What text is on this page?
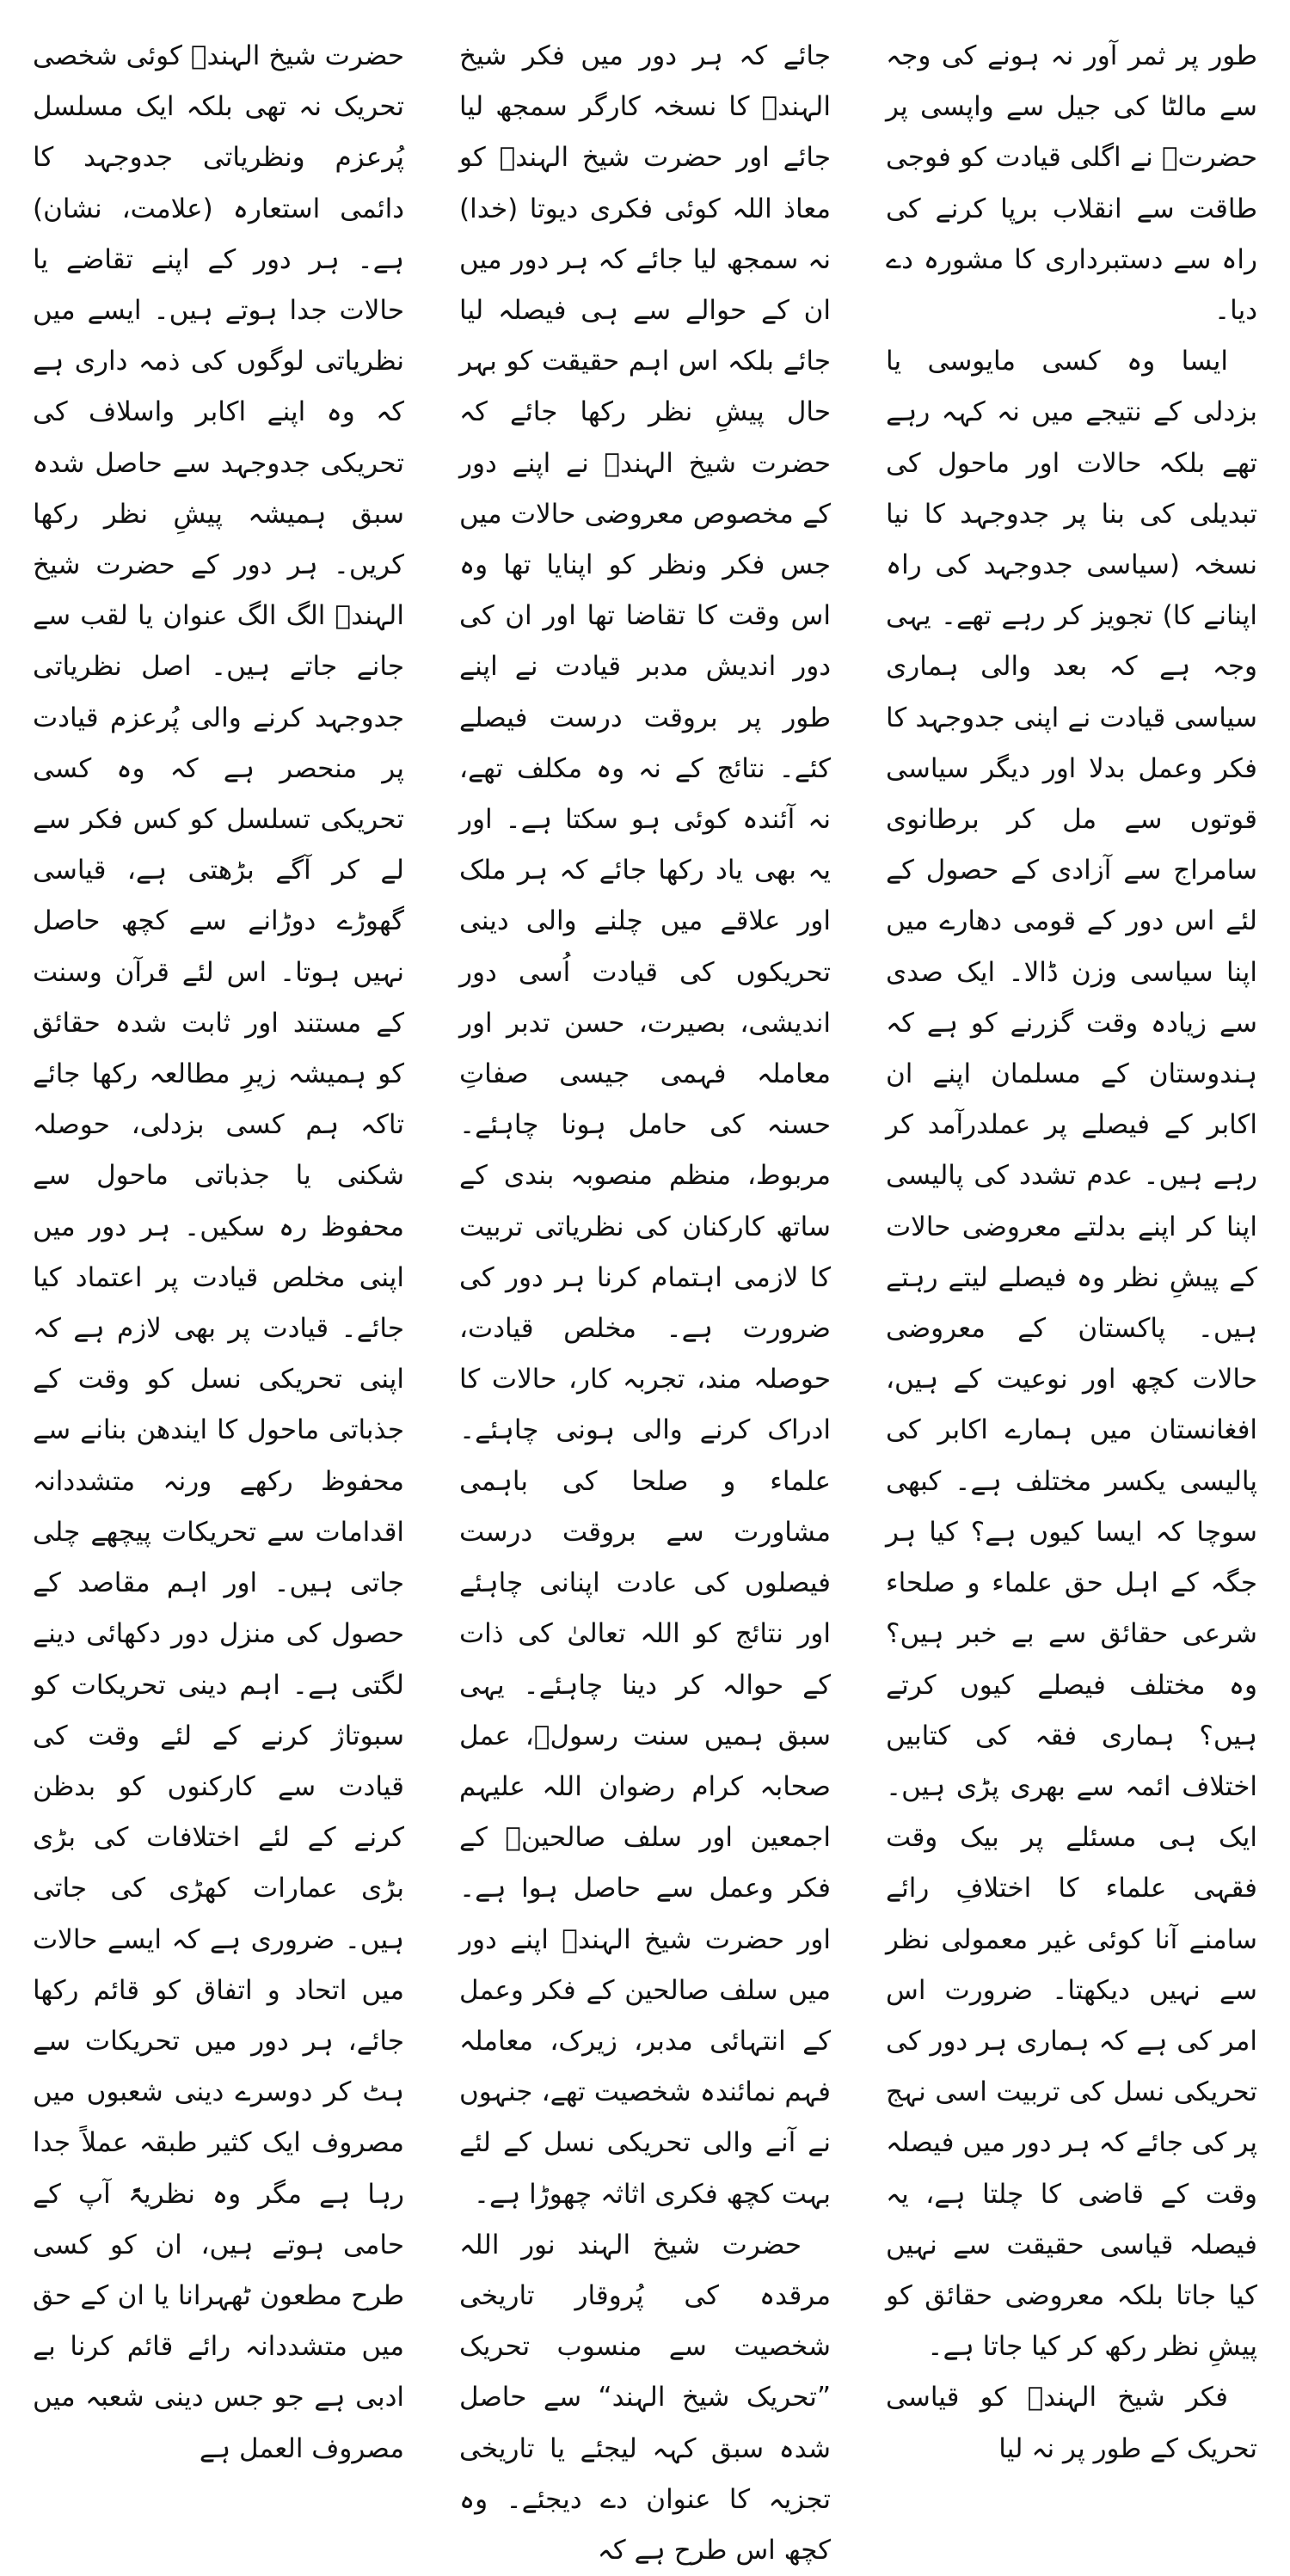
طور پر ثمر آور نہ ہونے کی وجہ سے مالٹا کی جیل سے واپسی پر حضرتؒ نے اگلی قیادت کو فوجی طاقت سے انقلاب برپا کرنے کی راہ سے دستبرداری کا مشورہ دے دیا۔

ایسا وہ کسی مایوسی یا بزدلی کے نتیجے میں نہ کہہ رہے تھے بلکہ حالات اور ماحول کی تبدیلی کی بنا پر جدوجہد کا نیا نسخہ (سیاسی جدوجہد کی راہ اپنانے کا) تجویز کر رہے تھے۔ یہی وجہ ہے کہ بعد والی ہماری سیاسی قیادت نے اپنی جدوجہد کا فکر وعمل بدلا اور دیگر سیاسی قوتوں سے مل کر برطانوی سامراج سے آزادی کے حصول کے لئے اس دور کے قومی دھارے میں اپنا سیاسی وزن ڈالا۔ ایک صدی سے زیادہ وقت گزرنے کو ہے کہ ہندوستان کے مسلمان اپنے ان اکابر کے فیصلے پر عملدرآمد کر رہے ہیں۔ عدم تشدد کی پالیسی اپنا کر اپنے بدلتے معروضی حالات کے پیشِ نظر وہ فیصلے لیتے رہتے ہیں۔ پاکستان کے معروضی حالات کچھ اور نوعیت کے ہیں، افغانستان میں ہمارے اکابر کی پالیسی یکسر مختلف ہے۔ کبھی سوچا کہ ایسا کیوں ہے؟ کیا ہر جگہ کے اہل حق علماء و صلحاء شرعی حقائق سے بے خبر ہیں؟ وہ مختلف فیصلے کیوں کرتے ہیں؟ ہماری فقہ کی کتابیں اختلاف ائمہ سے بھری پڑی ہیں۔ ایک ہی مسئلے پر بیک وقت فقہی علماء کا اختلافِ رائے سامنے آنا کوئی غیر معمولی نظر سے نہیں دیکھتا۔ ضرورت اس امر کی ہے کہ ہماری ہر دور کی تحریکی نسل کی تربیت اسی نہج پر کی جائے کہ ہر دور میں فیصلہ وقت کے قاضی کا چلتا ہے، یہ فیصلہ قیاسی حقیقت سے نہیں کیا جاتا بلکہ معروضی حقائق کو پیشِ نظر رکھ کر کیا جاتا ہے۔

فکر شیخ الہندؒ کو قیاسی تحریک کے طور پر نہ لیا

جائے کہ ہر دور میں فکر شیخ الہندؒ کا نسخہ کارگر سمجھ لیا جائے اور حضرت شیخ الہندؒ کو معاذ اللہ کوئی فکری دیوتا (خدا) نہ سمجھ لیا جائے کہ ہر دور میں ان کے حوالے سے ہی فیصلہ لیا جائے بلکہ اس اہم حقیقت کو بہر حال پیشِ نظر رکھا جائے کہ حضرت شیخ الہندؒ نے اپنے دور کے مخصوص معروضی حالات میں جس فکر ونظر کو اپنایا تھا وہ اس وقت کا تقاضا تھا اور ان کی دور اندیش مدبر قیادت نے اپنے طور پر بروقت درست فیصلے کئے۔ نتائج کے نہ وہ مکلف تھے، نہ آئندہ کوئی ہو سکتا ہے۔ اور یہ بھی یاد رکھا جائے کہ ہر ملک اور علاقے میں چلنے والی دینی تحریکوں کی قیادت اُسی دور اندیشی، بصیرت، حسن تدبر اور معاملہ فہمی جیسی صفاتِ حسنہ کی حامل ہونا چاہئے۔ مربوط، منظم منصوبہ بندی کے ساتھ کارکنان کی نظریاتی تربیت کا لازمی اہتمام کرنا ہر دور کی ضرورت ہے۔ مخلص قیادت، حوصلہ مند، تجربہ کار، حالات کا ادراک کرنے والی ہونی چاہئے۔ علماء و صلحا کی باہمی مشاورت سے بروقت درست فیصلوں کی عادت اپنانی چاہئے اور نتائج کو اللہ تعالیٰ کی ذات کے حوالہ کر دینا چاہئے۔ یہی سبق ہمیں سنت رسولؐ، عمل صحابہ کرام رضوان اللہ علیہم اجمعین اور سلف صالحینؒ کے فکر وعمل سے حاصل ہوا ہے۔ اور حضرت شیخ الہندؒ اپنے دور میں سلف صالحین کے فکر وعمل کے انتہائی مدبر، زیرک، معاملہ فہم نمائندہ شخصیت تھے، جنہوں نے آنے والی تحریکی نسل کے لئے بہت کچھ فکری اثاثہ چھوڑا ہے۔

حضرت شیخ الہند نور اللہ مرقدہ کی پُروقار تاریخی شخصیت سے منسوب تحریک ”تحریک شیخ الہند“ سے حاصل شدہ سبق کہہ لیجئے یا تاریخی تجزیہ کا عنوان دے دیجئے۔ وہ کچھ اس طرح ہے کہ

حضرت شیخ الہندؒ کوئی شخصی تحریک نہ تھی بلکہ ایک مسلسل پُرعزم ونظریاتی جدوجہد کا دائمی استعارہ (علامت، نشان) ہے۔ ہر دور کے اپنے تقاضے یا حالات جدا ہوتے ہیں۔ ایسے میں نظریاتی لوگوں کی ذمہ داری ہے کہ وہ اپنے اکابر واسلاف کی تحریکی جدوجہد سے حاصل شدہ سبق ہمیشہ پیشِ نظر رکھا کریں۔ ہر دور کے حضرت شیخ الہندؒ الگ الگ عنوان یا لقب سے جانے جاتے ہیں۔ اصل نظریاتی جدوجہد کرنے والی پُرعزم قیادت پر منحصر ہے کہ وہ کسی تحریکی تسلسل کو کس فکر سے لے کر آگے بڑھتی ہے، قیاسی گھوڑے دوڑانے سے کچھ حاصل نہیں ہوتا۔ اس لئے قرآن وسنت کے مستند اور ثابت شدہ حقائق کو ہمیشہ زیرِ مطالعہ رکھا جائے تاکہ ہم کسی بزدلی، حوصلہ شکنی یا جذباتی ماحول سے محفوظ رہ سکیں۔ ہر دور میں اپنی مخلص قیادت پر اعتماد کیا جائے۔ قیادت پر بھی لازم ہے کہ اپنی تحریکی نسل کو وقت کے جذباتی ماحول کا ایندھن بنانے سے محفوظ رکھے ورنہ متشددانہ اقدامات سے تحریکات پیچھے چلی جاتی ہیں۔ اور اہم مقاصد کے حصول کی منزل دور دکھائی دینے لگتی ہے۔ اہم دینی تحریکات کو سبوتاژ کرنے کے لئے وقت کی قیادت سے کارکنوں کو بدظن کرنے کے لئے اختلافات کی بڑی بڑی عمارات کھڑی کی جاتی ہیں۔ ضروری ہے کہ ایسے حالات میں اتحاد و اتفاق کو قائم رکھا جائے، ہر دور میں تحریکات سے ہٹ کر دوسرے دینی شعبوں میں مصروف ایک کثیر طبقہ عملاً جدا رہا ہے مگر وہ نظریۃً آپ کے حامی ہوتے ہیں، ان کو کسی طرح مطعون ٹھہرانا یا ان کے حق میں متشددانہ رائے قائم کرنا بے ادبی ہے جو جس دینی شعبہ میں مصروف العمل ہے
